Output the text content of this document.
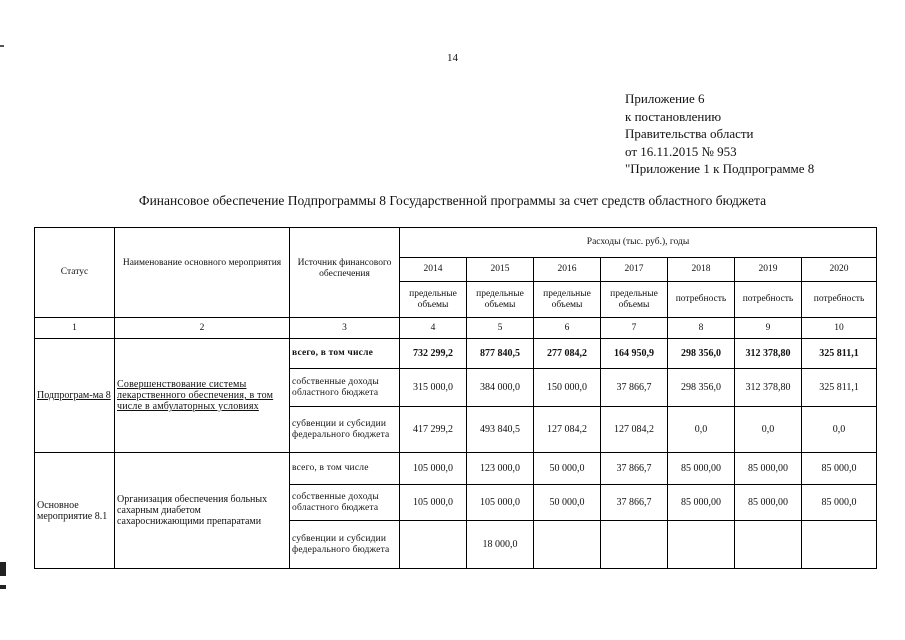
14
Приложение 6
к постановлению
Правительства области
от 16.11.2015 № 953
"Приложение 1 к Подпрограмме 8
Финансовое обеспечение Подпрограммы 8 Государственной программы за счет средств областного бюджета
Статус	Наименование основного мероприятия	Источник финансового обеспечения	Расходы (тыс. руб.), годы						
			2014	2015	2016	2017	2018	2019	2020
			предельные объемы	предельные объемы	предельные объемы	предельные объемы	потребность	потребность	потребность
1	2	3	4	5	6	7	8	9	10
Подпрограм-ма 8	Совершенствование системы лекарственного обеспечения, в том числе в амбулаторных условиях	всего, в том числе	732 299,2	877 840,5	277 084,2	164 950,9	298 356,0	312 378,80	325 811,1
		собственные доходы областного бюджета	315 000,0	384 000,0	150 000,0	37 866,7	298 356,0	312 378,80	325 811,1
		субвенции и субсидии федерального бюджета	417 299,2	493 840,5	127 084,2	127 084,2	0,0	0,0	0,0
Основное мероприятие 8.1	Организация обеспечения больных сахарным диабетом сахароснижающими препаратами	всего, в том числе	105 000,0	123 000,0	50 000,0	37 866,7	85 000,00	85 000,00	85 000,0
		собственные доходы областного бюджета	105 000,0	105 000,0	50 000,0	37 866,7	85 000,00	85 000,00	85 000,0
		субвенции и субсидии федерального бюджета		18 000,0					
